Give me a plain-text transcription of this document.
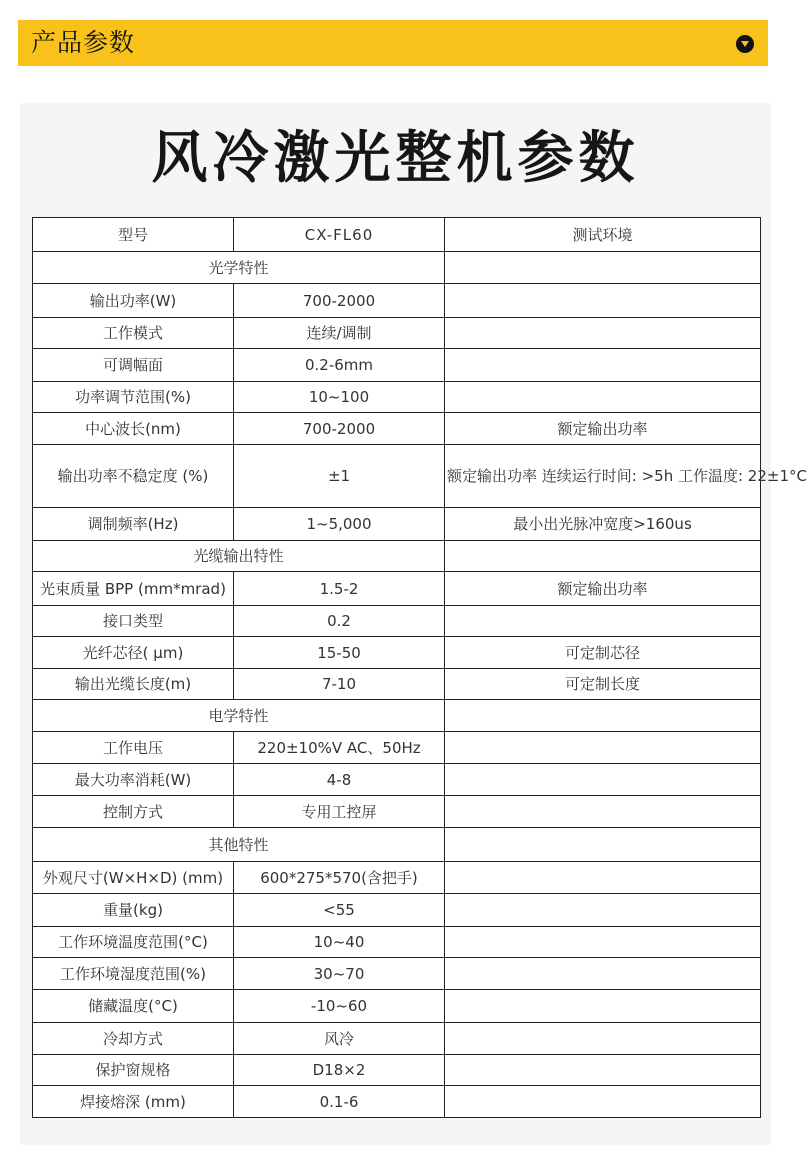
产品参数
风冷激光整机参数
型号	CX-FL60	测试环境
光学特性		
输出功率(W)	700-2000	
工作模式	连续/调制	
可调幅面	0.2-6mm	
功率调节范围(%)	10~100	
中心波长(nm)	700-2000	额定输出功率
输出功率不稳定度 (%)	±1	额定输出功率 连续运行时间: >5h 工作温度: 22±1°C
调制频率(Hz)	1~5,000	最小出光脉冲宽度>160us
光缆输出特性		
光束质量 BPP (mm*mrad)	1.5-2	额定输出功率
接口类型	0.2	
光纤芯径( µm)	15-50	可定制芯径
输出光缆长度(m)	7-10	可定制长度
电学特性		
工作电压	220±10%V AC、50Hz	
最大功率消耗(W)	4-8	
控制方式	专用工控屏	
其他特性		
外观尺寸(W×H×D) (mm)	600*275*570(含把手)	
重量(kg)	<55	
工作环境温度范围(°C)	10~40	
工作环境湿度范围(%)	30~70	
储藏温度(°C)	-10~60	
冷却方式	风冷	
保护窗规格	D18×2	
焊接熔深 (mm)	0.1-6	
